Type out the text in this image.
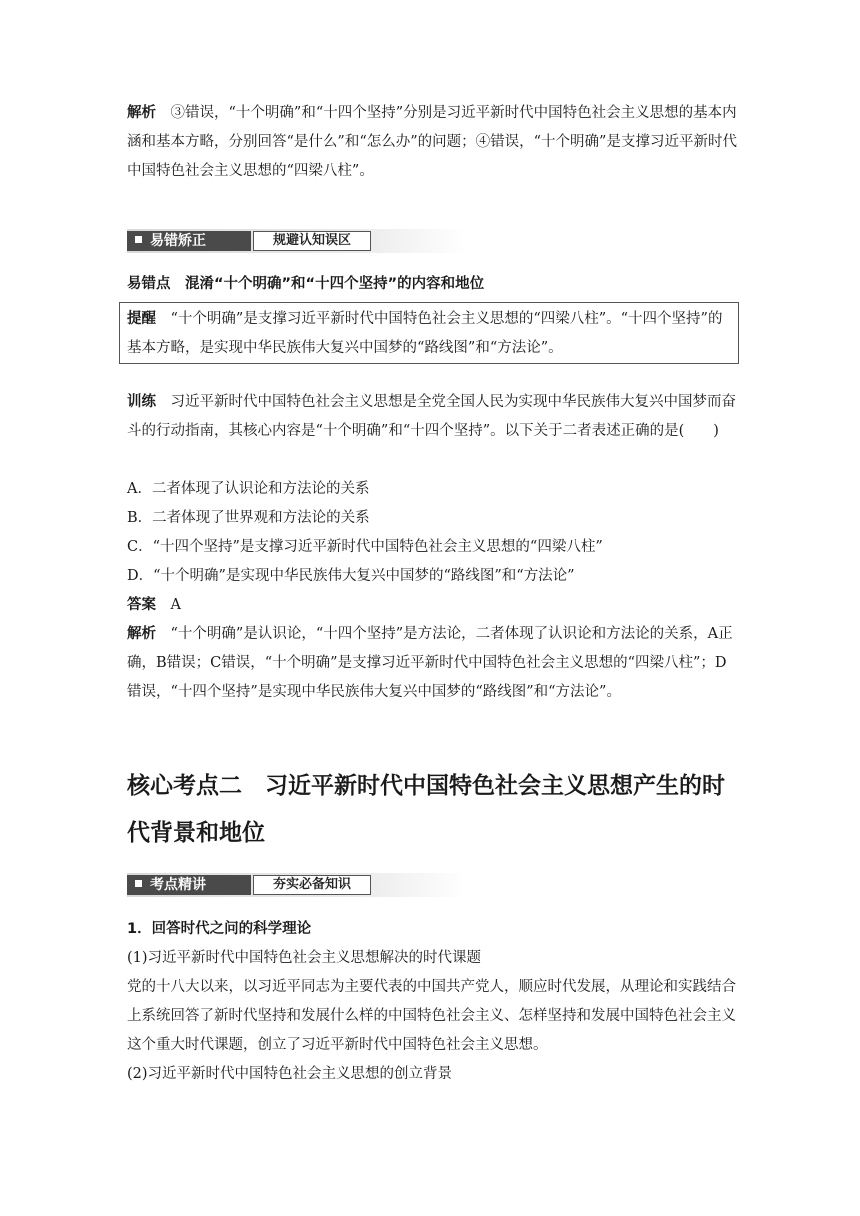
解析　 ③错误，“十个明确”和“十四个坚持”分别是习近平新时代中国特色社会主义思想的基本内涵和基本方略，分别回答“是什么”和“怎么办”的问题；④错误，“十个明确”是支撑习近平新时代中国特色社会主义思想的“四梁八柱”。

易错矫正	规避认知误区

易错点　 混淆“十个明确”和“十四个坚持”的内容和地位

提醒　 “十个明确”是支撑习近平新时代中国特色社会主义思想的“四梁八柱”。“十四个坚持”的基本方略，是实现中华民族伟大复兴中国梦的“路线图”和“方法论”。

训练　 习近平新时代中国特色社会主义思想是全党全国人民为实现中华民族伟大复兴中国梦而奋斗的行动指南，其核心内容是“十个明确”和“十四个坚持”。以下关于二者表述正确的是(　　)

A．二者体现了认识论和方法论的关系

B．二者体现了世界观和方法论的关系

C．“十四个坚持”是支撑习近平新时代中国特色社会主义思想的“四梁八柱”

D．“十个明确”是实现中华民族伟大复兴中国梦的“路线图”和“方法论”

答案　 A

解析　 “十个明确”是认识论，“十四个坚持”是方法论，二者体现了认识论和方法论的关系，A正确，B错误；C错误，“十个明确”是支撑习近平新时代中国特色社会主义思想的“四梁八柱”；D错误，“十四个坚持”是实现中华民族伟大复兴中国梦的“路线图”和“方法论”。

核心考点二　习近平新时代中国特色社会主义思想产生的时代背景和地位
考点精讲	夯实必备知识

1．回答时代之问的科学理论

(1)习近平新时代中国特色社会主义思想解决的时代课题

党的十八大以来，以习近平同志为主要代表的中国共产党人，顺应时代发展，从理论和实践结合上系统回答了新时代坚持和发展什么样的中国特色社会主义、怎样坚持和发展中国特色社会主义这个重大时代课题，创立了习近平新时代中国特色社会主义思想。

(2)习近平新时代中国特色社会主义思想的创立背景
